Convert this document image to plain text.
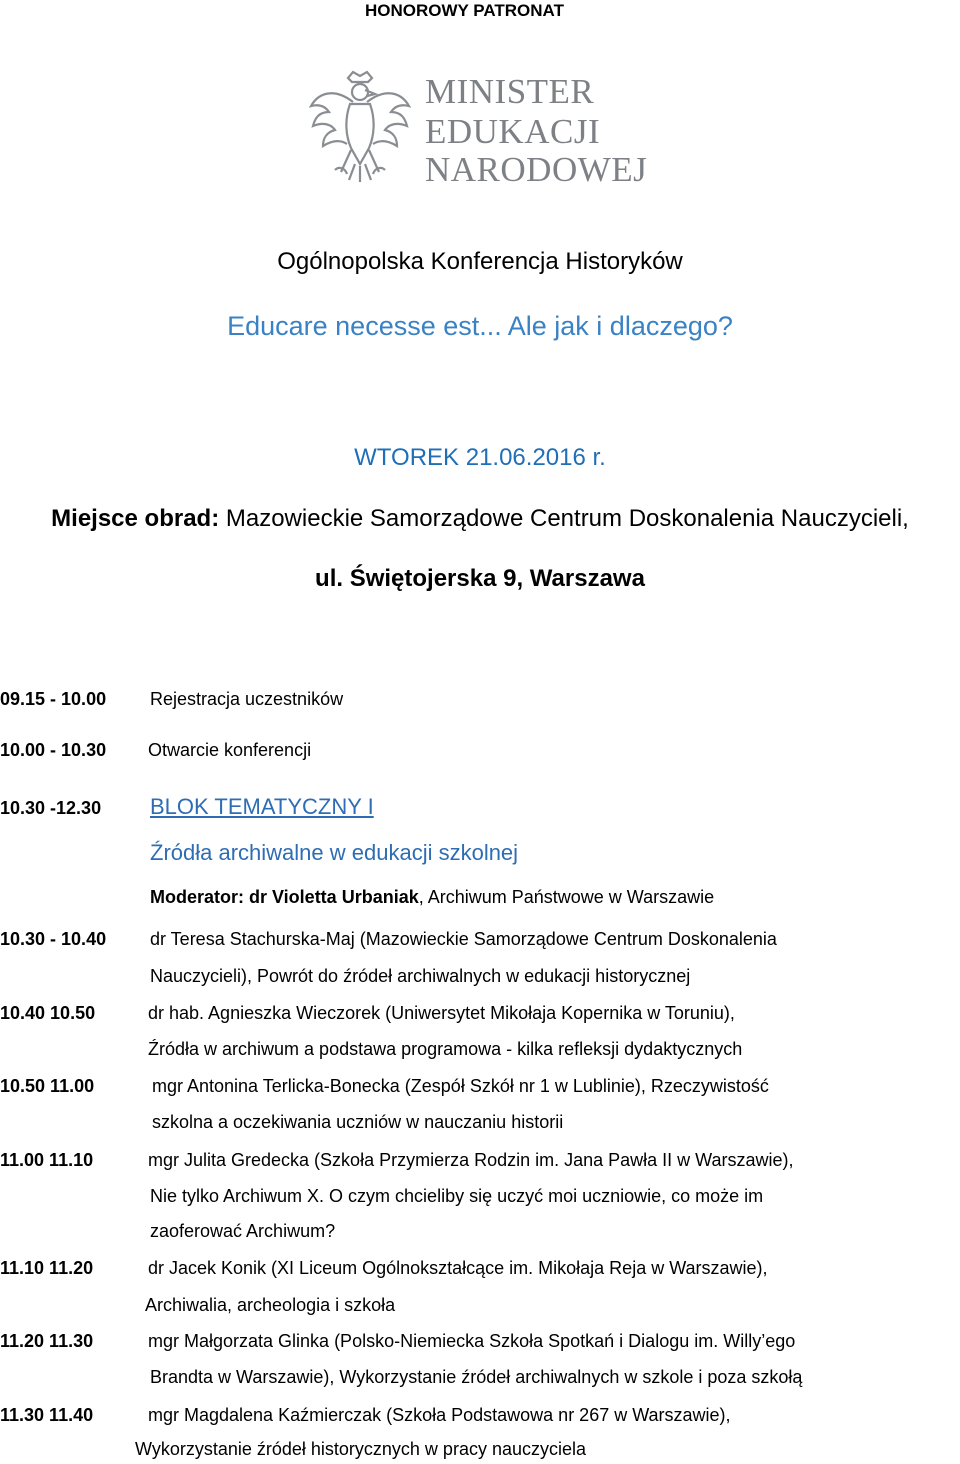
HONOROWY PATRONAT
MINISTER
EDUKACJI
NARODOWEJ
Ogólnopolska Konferencja Historyków
Educare necesse est... Ale jak i dlaczego?
WTOREK 21.06.2016 r.
Miejsce obrad: Mazowieckie Samorządowe Centrum Doskonalenia Nauczycieli,
ul. Świętojerska 9, Warszawa
09.15 - 10.00 Rejestracja uczestników
10.00 - 10.30 Otwarcie konferencji
10.30 -12.30 BLOK TEMATYCZNY I
Źródła archiwalne w edukacji szkolnej
Moderator: dr Violetta Urbaniak, Archiwum Państwowe w Warszawie
10.30 - 10.40 dr Teresa Stachurska-Maj (Mazowieckie Samorządowe Centrum Doskonalenia
Nauczycieli), Powrót do źródeł archiwalnych w edukacji historycznej
10.40 10.50	dr hab. Agnieszka Wieczorek (Uniwersytet Mikołaja Kopernika w Toruniu),
Źródła w archiwum a podstawa programowa - kilka refleksji dydaktycznych
10.50 11.00	mgr Antonina Terlicka-Bonecka (Zespół Szkół nr 1 w Lublinie), Rzeczywistość
szkolna a oczekiwania uczniów w nauczaniu historii
11.00 11.10	mgr Julita Gredecka (Szkoła Przymierza Rodzin im. Jana Pawła II w Warszawie),
Nie tylko Archiwum X. O czym chcieliby się uczyć moi uczniowie, co może im
zaoferować Archiwum?
11.10 11.20	dr Jacek Konik (XI Liceum Ogólnokształcące im. Mikołaja Reja w Warszawie),
Archiwalia, archeologia i szkoła
11.20 11.30	mgr Małgorzata Glinka (Polsko-Niemiecka Szkoła Spotkań i Dialogu im. Willy’ego
Brandta w Warszawie), Wykorzystanie źródeł archiwalnych w szkole i poza szkołą
11.30 11.40	mgr Magdalena Kaźmierczak (Szkoła Podstawowa nr 267 w Warszawie),
Wykorzystanie źródeł historycznych w pracy nauczyciela
